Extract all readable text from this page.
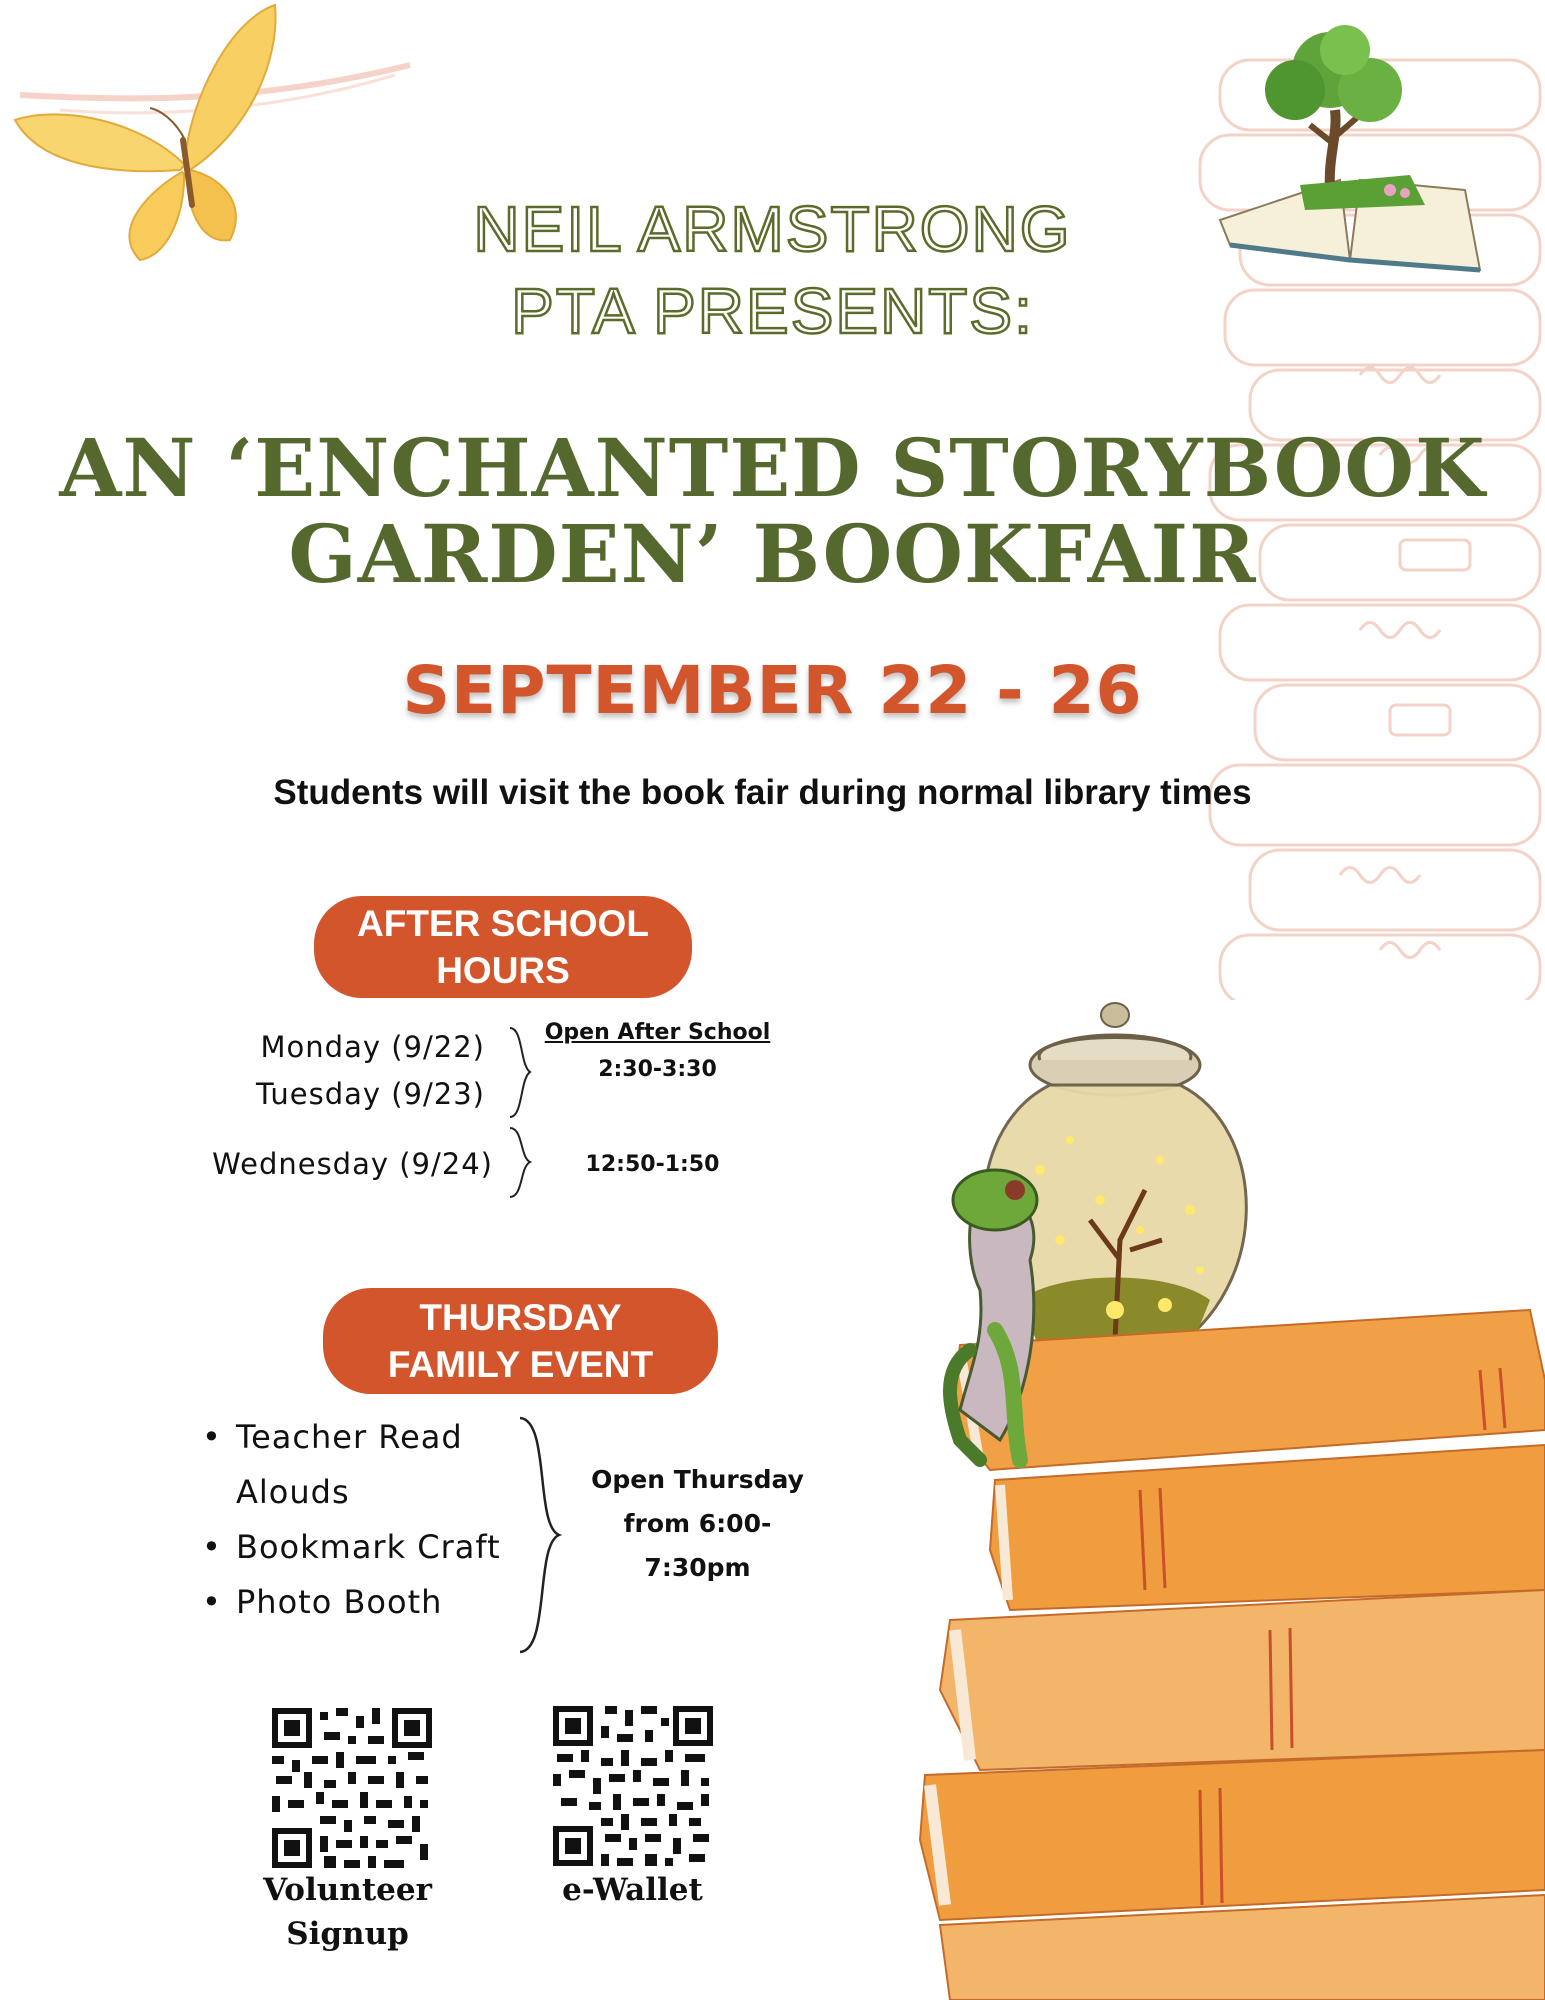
NEIL ARMSTRONG
PTA PRESENTS:
AN ‘ENCHANTED STORYBOOK
GARDEN’ BOOKFAIR
SEPTEMBER 22 - 26
Students will visit the book fair during normal library times
AFTER SCHOOL
HOURS
Monday (9/22)
Tuesday (9/23)
Wednesday (9/24)
Open After School
2:30-3:30
12:50-1:50
THURSDAY
FAMILY EVENT
• Teacher Read
Alouds
• Bookmark Craft
• Photo Booth
Open Thursday
from 6:00-
7:30pm
Volunteer
Signup
e-Wallet
